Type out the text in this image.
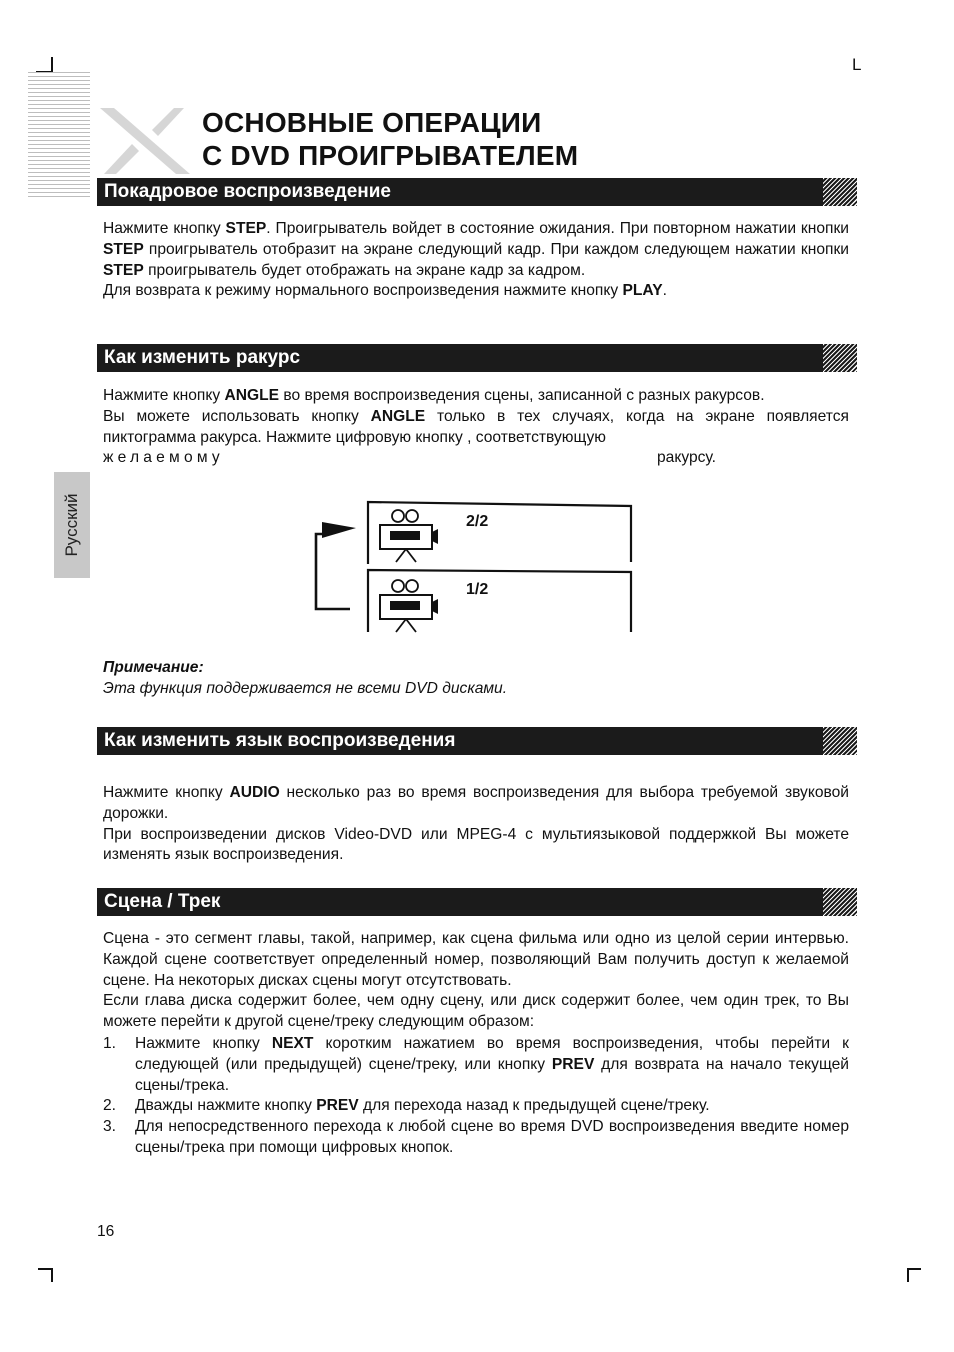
L
ОСНОВНЫЕ ОПЕРАЦИИ
С DVD ПРОИГРЫВАТЕЛЕМ
Русский
Покадровое воспроизведение

Нажмите кнопку STEP. Проигрыватель войдет в состояние ожидания. При повторном нажатии кнопки STEP проигрыватель отобразит на экране следующий кадр. При каждом следующем нажатии кнопки STEP проигрыватель будет отображать на экране кадр за кадром.

Для возврата к режиму нормального воспроизведения нажмите кнопку PLAY.

Как изменить ракурс

Нажмите кнопку ANGLE во время воспроизведения сцены, записанной с разных ракурсов.

Вы можете использовать кнопку ANGLE только в тех случаях, когда на экране появляется пиктограмма ракурса. Нажмите цифровую кнопку , соответствующую

желаемому	ракурсу.

2/2
1/2
Примечание:
Эта функция поддерживается не всеми DVD дисками.
Как изменить язык воспроизведения

Нажмите кнопку AUDIO несколько раз во время воспроизведения для выбора требуемой звуковой дорожки.

При воспроизведении дисков Video-DVD или MPEG-4 с мультиязыковой поддержкой Вы можете изменять язык воспроизведения.

Сцена / Трек

Сцена - это сегмент главы, такой, например, как сцена фильма или одно из целой серии интервью. Каждой сцене соответствует определенный номер, позволяющий Вам получить доступ к желаемой сцене. На некоторых дисках сцены могут отсутствовать.

Если глава диска содержит более, чем одну сцену, или диск содержит более, чем один трек, то Вы можете перейти к другой сцене/треку следующим образом:

1. Нажмите кнопку NEXT коротким нажатием во время воспроизведения, чтобы перейти к следующей (или предыдущей) сцене/треку, или кнопку PREV для возврата на начало текущей сцены/трека.
2. Дважды нажмите кнопку PREV для перехода назад к предыдущей сцене/треку.
3. Для непосредственного перехода к любой сцене во время DVD воспроизведения введите номер сцены/трека при помощи цифровых кнопок.
16
